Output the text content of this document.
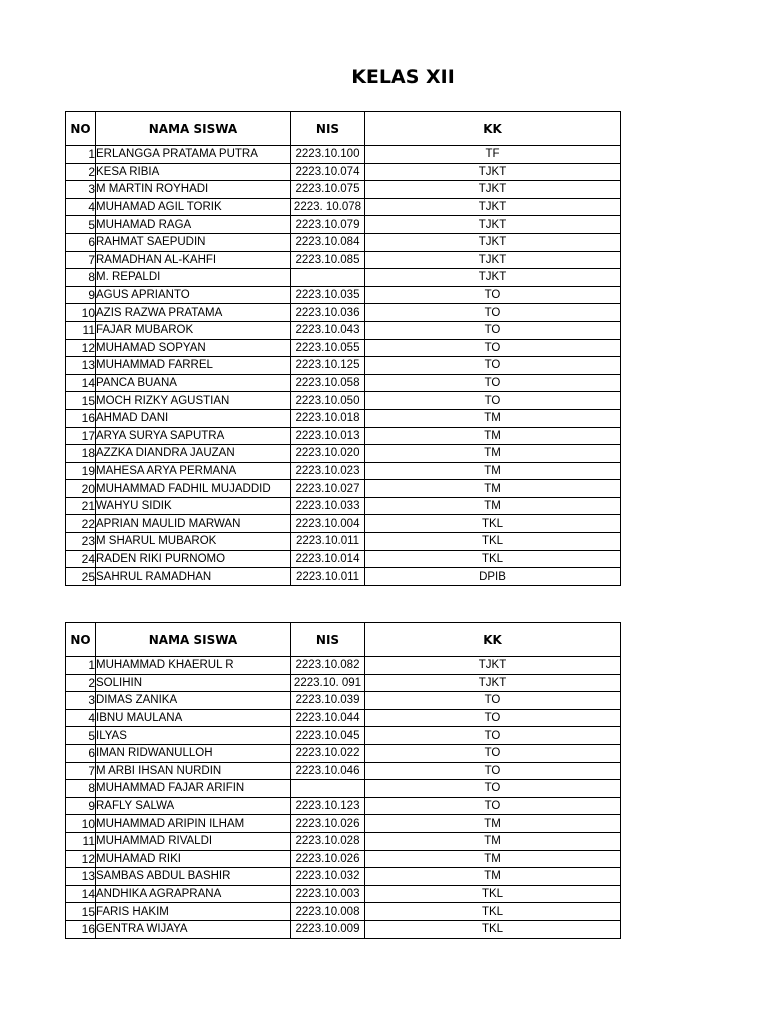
KELAS XII
NO	NAMA SISWA	NIS	KK
1	ERLANGGA PRATAMA PUTRA	2223.10.100	TF
2	KESA RIBIA	2223.10.074	TJKT
3	M MARTIN ROYHADI	2223.10.075	TJKT
4	MUHAMAD AGIL TORIK	2223. 10.078	TJKT
5	MUHAMAD RAGA	2223.10.079	TJKT
6	RAHMAT SAEPUDIN	2223.10.084	TJKT
7	RAMADHAN AL-KAHFI	2223.10.085	TJKT
8	M. REPALDI		TJKT
9	AGUS APRIANTO	2223.10.035	TO
10	AZIS RAZWA PRATAMA	2223.10.036	TO
11	FAJAR MUBAROK	2223.10.043	TO
12	MUHAMAD SOPYAN	2223.10.055	TO
13	MUHAMMAD FARREL	2223.10.125	TO
14	PANCA BUANA	2223.10.058	TO
15	MOCH RIZKY AGUSTIAN	2223.10.050	TO
16	AHMAD DANI	2223.10.018	TM
17	ARYA SURYA SAPUTRA	2223.10.013	TM
18	AZZKA DIANDRA JAUZAN	2223.10.020	TM
19	MAHESA ARYA PERMANA	2223.10.023	TM
20	MUHAMMAD FADHIL MUJADDID	2223.10.027	TM
21	WAHYU SIDIK	2223.10.033	TM
22	APRIAN MAULID MARWAN	2223.10.004	TKL
23	M SHARUL MUBAROK	2223.10.011	TKL
24	RADEN RIKI PURNOMO	2223.10.014	TKL
25	SAHRUL RAMADHAN	2223.10.011	DPIB
NO	NAMA SISWA	NIS	KK
1	MUHAMMAD KHAERUL R	2223.10.082	TJKT
2	SOLIHIN	2223.10. 091	TJKT
3	DIMAS ZANIKA	2223.10.039	TO
4	IBNU MAULANA	2223.10.044	TO
5	ILYAS	2223.10.045	TO
6	IMAN RIDWANULLOH	2223.10.022	TO
7	M ARBI IHSAN NURDIN	2223.10.046	TO
8	MUHAMMAD FAJAR ARIFIN		TO
9	RAFLY SALWA	2223.10.123	TO
10	MUHAMMAD ARIPIN ILHAM	2223.10.026	TM
11	MUHAMMAD RIVALDI	2223.10.028	TM
12	MUHAMAD RIKI	2223.10.026	TM
13	SAMBAS ABDUL BASHIR	2223.10.032	TM
14	ANDHIKA AGRAPRANA	2223.10.003	TKL
15	FARIS HAKIM	2223.10.008	TKL
16	GENTRA WIJAYA	2223.10.009	TKL
